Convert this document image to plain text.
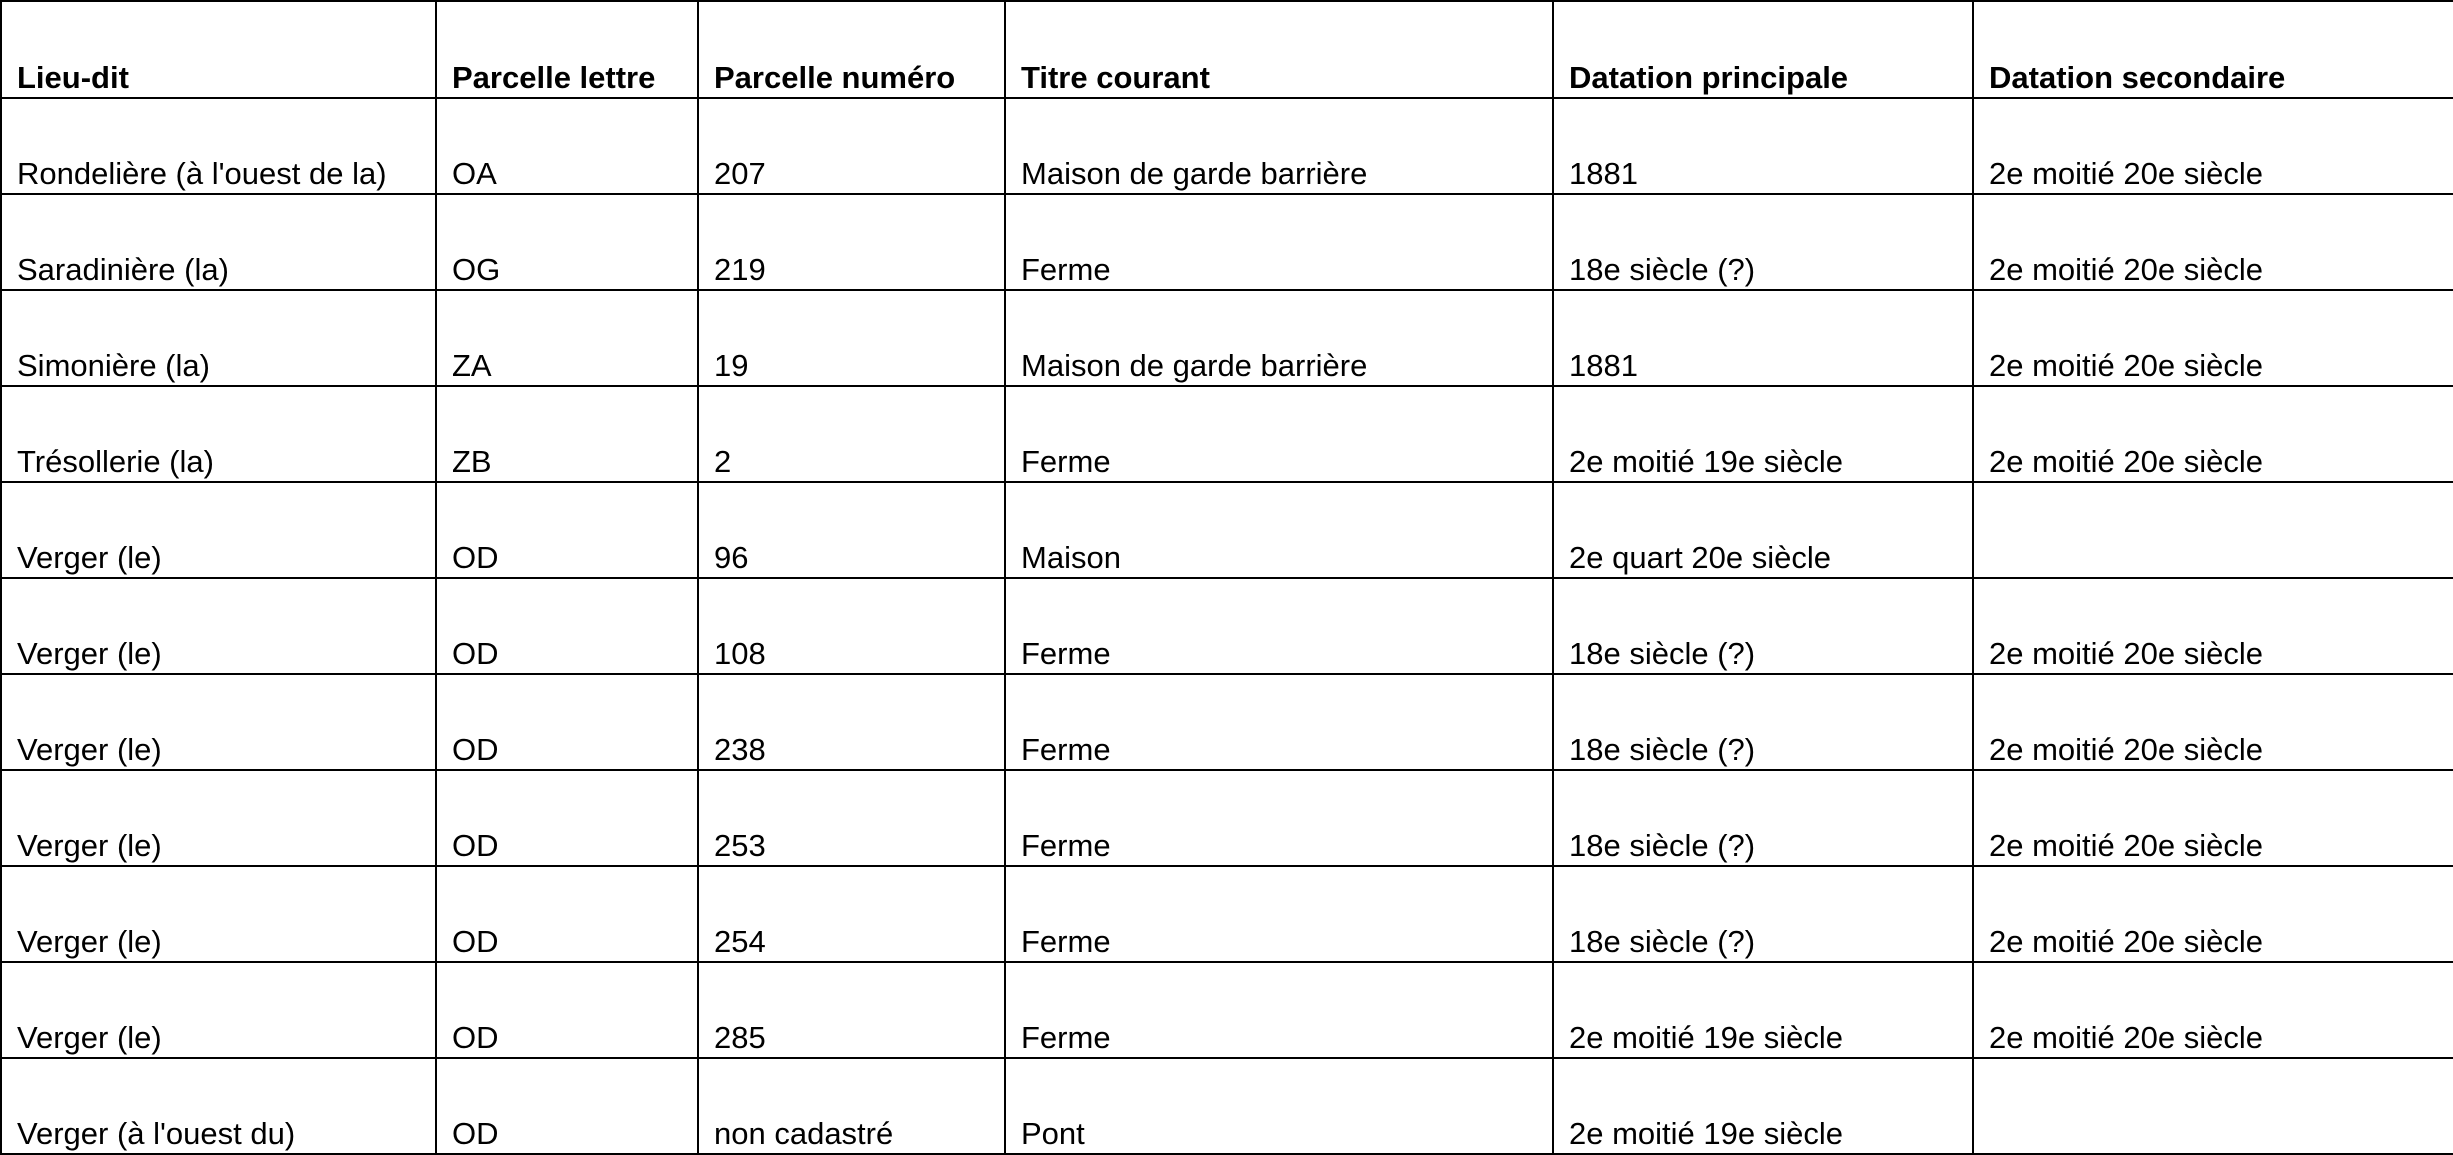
Lieu-dit	Parcelle lettre	Parcelle numéro	Titre courant	Datation principale	Datation secondaire
Rondelière (à l'ouest de la)	OA	207	Maison de garde barrière	1881	2e moitié 20e siècle
Saradinière (la)	OG	219	Ferme	18e siècle (?)	2e moitié 20e siècle
Simonière (la)	ZA	19	Maison de garde barrière	1881	2e moitié 20e siècle
Trésollerie (la)	ZB	2	Ferme	2e moitié 19e siècle	2e moitié 20e siècle
Verger (le)	OD	96	Maison	2e quart 20e siècle	
Verger (le)	OD	108	Ferme	18e siècle (?)	2e moitié 20e siècle
Verger (le)	OD	238	Ferme	18e siècle (?)	2e moitié 20e siècle
Verger (le)	OD	253	Ferme	18e siècle (?)	2e moitié 20e siècle
Verger (le)	OD	254	Ferme	18e siècle (?)	2e moitié 20e siècle
Verger (le)	OD	285	Ferme	2e moitié 19e siècle	2e moitié 20e siècle
Verger (à l'ouest du)	OD	non cadastré	Pont	2e moitié 19e siècle	
